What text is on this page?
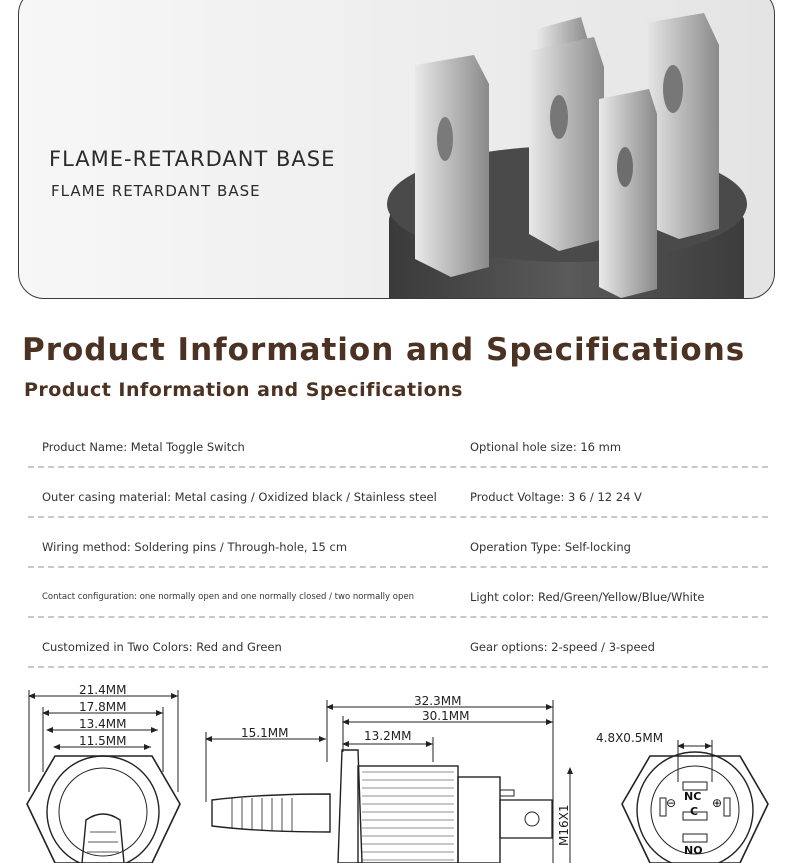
FLAME-RETARDANT BASE
FLAME RETARDANT BASE
Product Information and Specifications
Product Information and Specifications
Product Name: Metal Toggle Switch	Optional hole size: 16 mm
Outer casing material: Metal casing / Oxidized black / Stainless steel	Product Voltage: 3 6 / 12 24 V
Wiring method: Soldering pins / Through-hole, 15 cm	Operation Type: Self-locking
Contact configuration: one normally open and one normally closed / two normally open	Light color: Red/Green/Yellow/Blue/White
Customized in Two Colors: Red and Green	Gear options: 2-speed / 3-speed
21.4MM
17.8MM
13.4MM
11.5MM
15.1MM
32.3MM
30.1MM
13.2MM
M16X1
4.8X0.5MM
NC
C
NO
⊖	⊕
